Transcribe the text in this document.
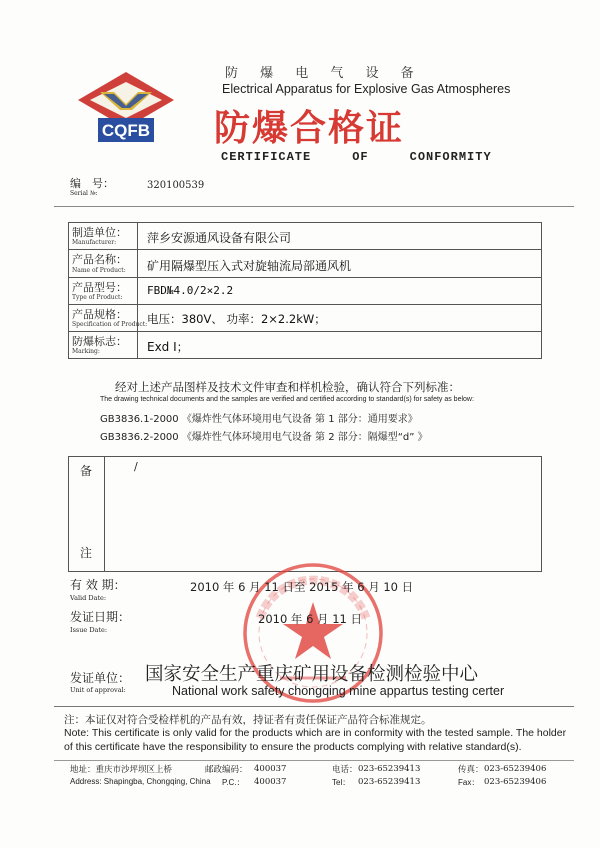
CQFB
防 爆 电 气 设 备
Electrical Apparatus for Explosive Gas Atmospheres
防爆合格证
CERTIFICATE     OF     CONFORMITY
编　号：
Serial №:
320100539
制造单位：
Manufacturer:	萍乡安源通风设备有限公司
产品名称：
Name of Product: 矿用隔爆型压入式对旋轴流局部通风机
产品型号：
Type of Product:
FBD№4.0/2×2.2
产品规格：
Specification of Product: 电压：380V、 功率：2×2.2kW；
防爆标志：
Marking:	Exd I；
经对上述产品图样及技术文件审查和样机检验，确认符合下列标准：
The drawing technical documents and the samples are verified and certified according to standard(s) for safety as below:
GB3836.1-2000 《爆炸性气体环境用电气设备 第 1 部分：通用要求》
GB3836.2-2000 《爆炸性气体环境用电气设备 第 2 部分：隔爆型“d” 》
备
注
/
有 效 期：
Valid Date:
2010 年 6 月 11 日至 2015 年 6 月 10 日
发证日期：
Issue Date:
2010 年 6 月 11 日
发证单位：
Unit of approval:
国家安全生产重庆矿用设备检测检验中心
National work safety chongqing mine appartus testing certer
注：本证仅对符合受检样机的产品有效，持证者有责任保证产品符合标准规定。
Note: This certificate is only valid for the products which are in conformity with the tested sample. The holder
of this certificate have the responsibility to ensure the products complying with relative standard(s).
地址：重庆市沙坪坝区上桥
Address: Shapingba, Chongqing, China
邮政编码： 400037
P.C.： 400037
电话： 023-65239413
Tel： 023-65239413
传真： 023-65239406
Fax： 023-65239406
